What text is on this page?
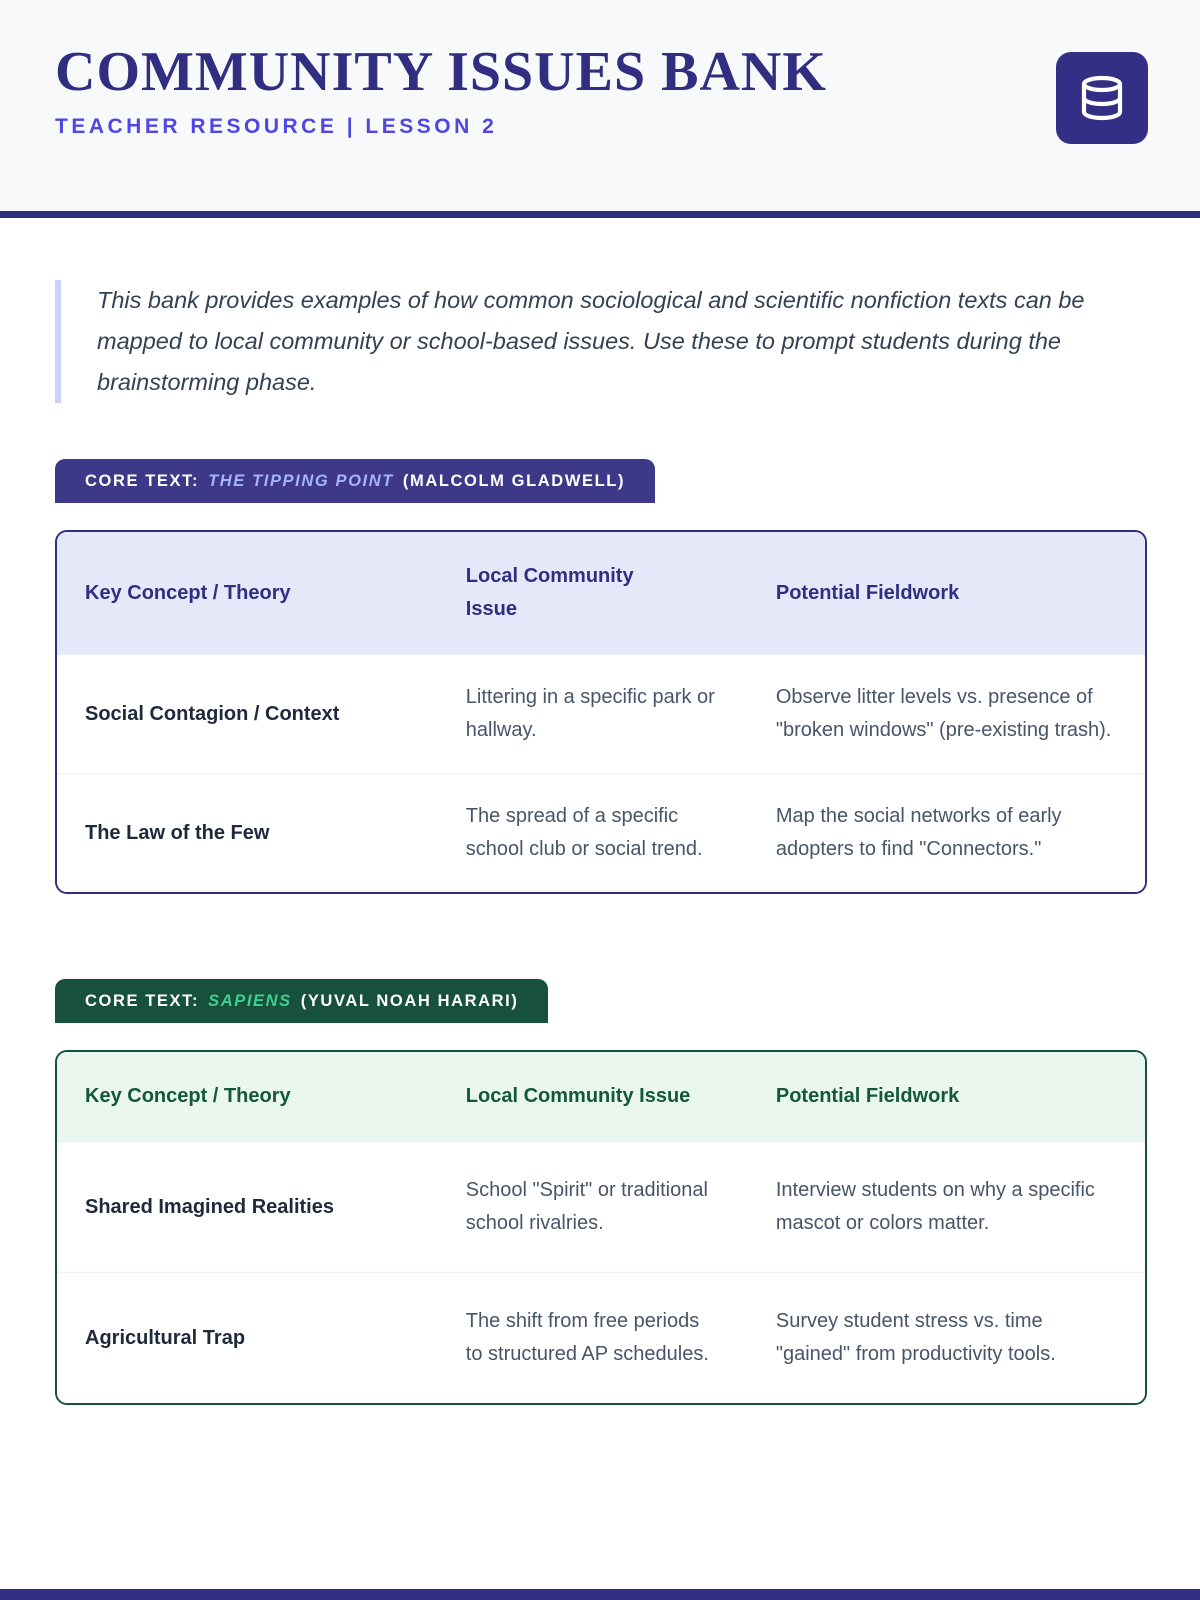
COMMUNITY ISSUES BANK
TEACHER RESOURCE | LESSON 2
This bank provides examples of how common sociological and scientific nonfiction texts can be mapped to local community or school-based issues. Use these to prompt students during the brainstorming phase.
CORE TEXT: THE TIPPING POINT (MALCOLM GLADWELL)
Key Concept / Theory	Local Community Issue	Potential Fieldwork
Social Contagion / Context	Littering in a specific park or hallway.	Observe litter levels vs. presence of "broken windows" (pre-existing trash).
The Law of the Few	The spread of a specific school club or social trend.	Map the social networks of early adopters to find "Connectors."
CORE TEXT: SAPIENS (YUVAL NOAH HARARI)
Key Concept / Theory	Local Community Issue	Potential Fieldwork
Shared Imagined Realities	School "Spirit" or traditional school rivalries.	Interview students on why a specific mascot or colors matter.
Agricultural Trap	The shift from free periods to structured AP schedules.	Survey student stress vs. time "gained" from productivity tools.
